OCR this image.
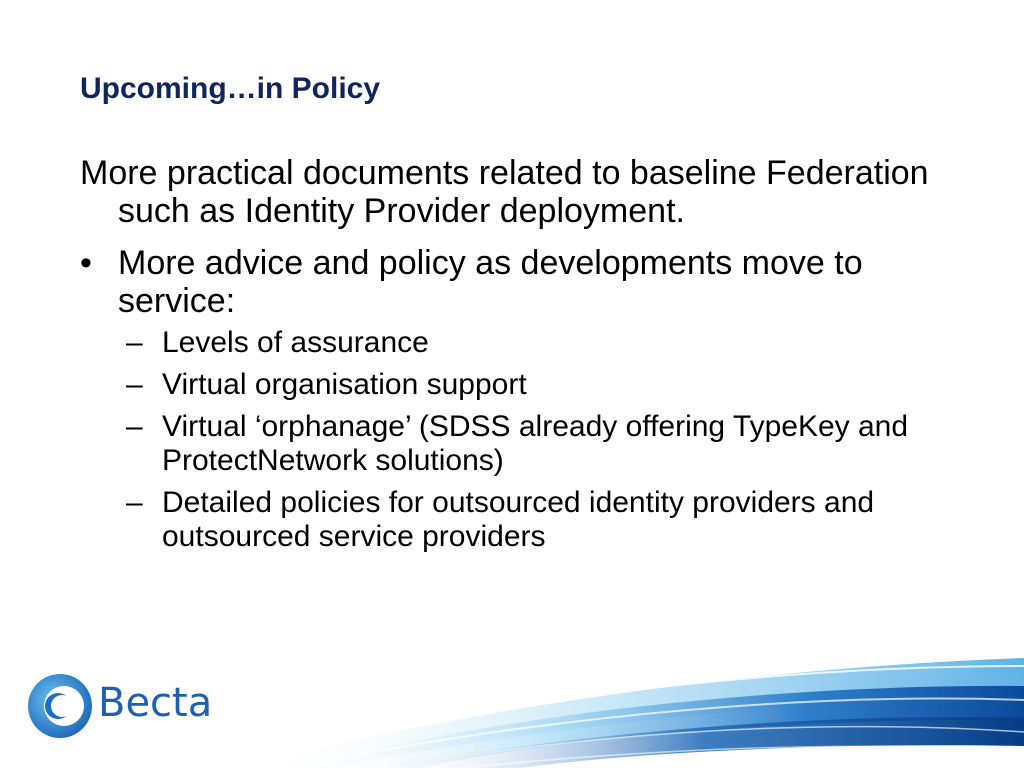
Upcoming…in Policy

More practical documents related to baseline Federation such as Identity Provider deployment.

• More advice and policy as developments move to service:
– Levels of assurance
– Virtual organisation support
– Virtual ‘orphanage’ (SDSS already offering TypeKey and ProtectNetwork solutions)
– Detailed policies for outsourced identity providers and outsourced service providers
Becta
